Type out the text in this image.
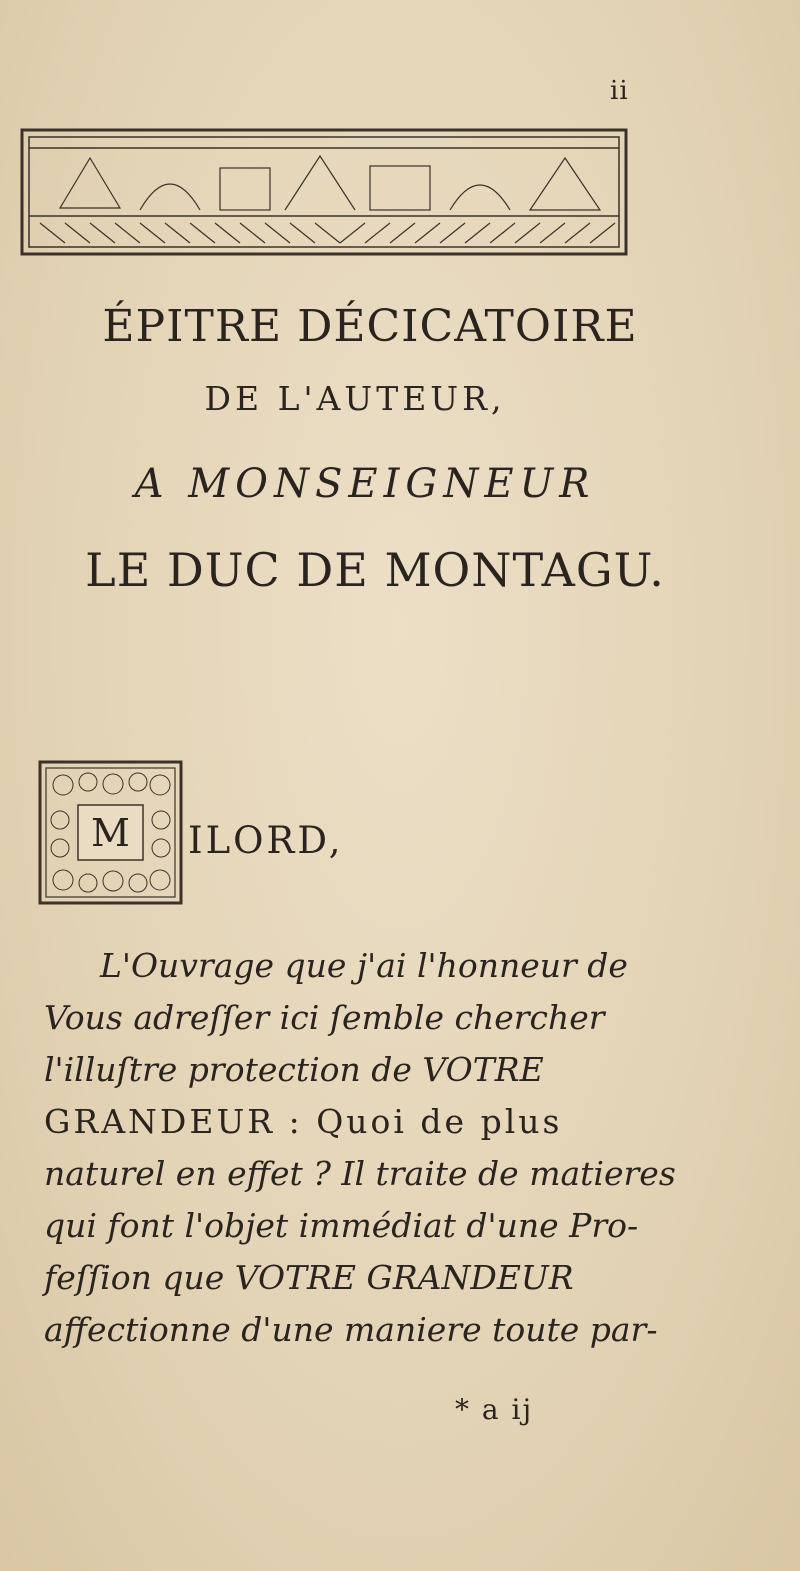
ii
ÉPITRE DÉCICATOIRE
DE L'AUTEUR,
A MONSEIGNEUR
LE DUC DE MONTAGU.
M ILORD,
L'Ouvrage que j'ai l'honneur de
Vous adreſſer ici ſemble chercher
l'illuſtre protection de VOTRE
GRANDEUR : Quoi de plus
naturel en effet ? Il traite de matieres
qui font l'objet immédiat d'une Pro-
feſſion que VOTRE GRANDEUR
affectionne d'une maniere toute par-
* a ij
